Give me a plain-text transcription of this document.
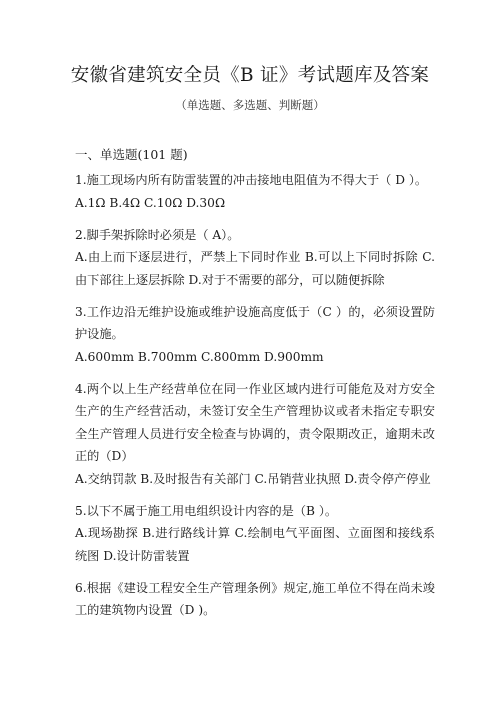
安徽省建筑安全员《B 证》考试题库及答案
（单选题、多选题、判断题）
一、单选题(101 题)
1.施工现场内所有防雷装置的冲击接地电阻值为不得大于（ D ）。
A.1Ω B.4Ω C.10Ω D.30Ω
2.脚手架拆除时必须是（ A）。
A.由上而下逐层进行，严禁上下同时作业 B.可以上下同时拆除 C.由下部往上逐层拆除 D.对于不需要的部分，可以随便拆除
3.工作边沿无维护设施或维护设施高度低于（C ）的，必须设置防护设施。
A.600mm B.700mm C.800mm D.900mm
4.两个以上生产经营单位在同一作业区域内进行可能危及对方安全生产的生产经营活动，未签订安全生产管理协议或者未指定专职安全生产管理人员进行安全检查与协调的，责令限期改正，逾期未改正的（D）
A.交纳罚款 B.及时报告有关部门 C.吊销营业执照 D.责令停产停业
5.以下不属于施工用电组织设计内容的是（B ）。
A.现场勘探 B.进行路线计算 C.绘制电气平面图、立面图和接线系统图 D.设计防雷装置
6.根据《建设工程安全生产管理条例》规定,施工单位不得在尚未竣工的建筑物内设置（D )。
